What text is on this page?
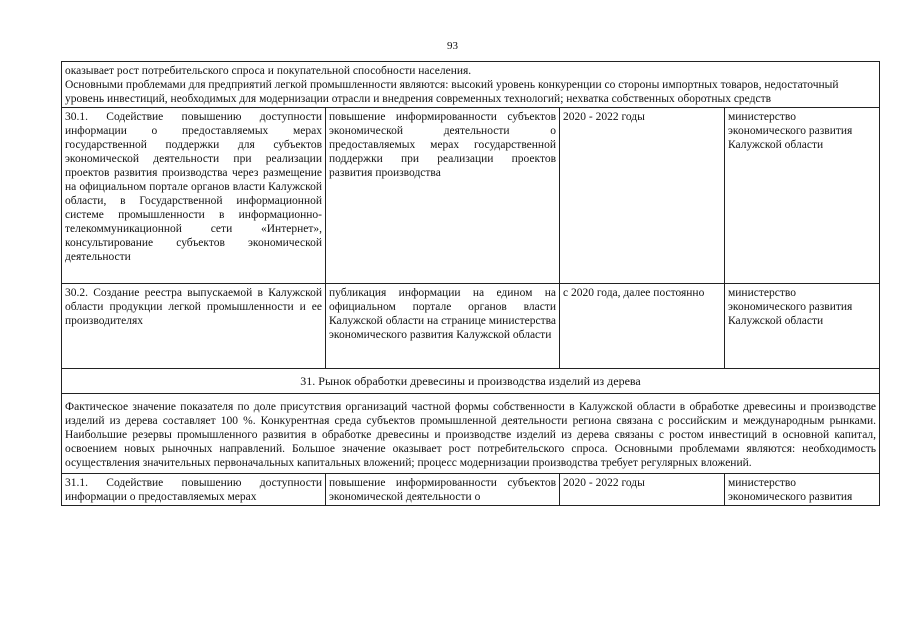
93

оказывает рост потребительского спроса и покупательной способности населения.

Основными проблемами для предприятий легкой промышленности являются: высокий уровень конкуренции со стороны импортных товаров, недостаточный уровень инвестиций, необходимых для модернизации отрасли и внедрения современных технологий; нехватка собственных оборотных средств			

30.1. Содействие повышению доступности информации о предоставляемых мерах государственной поддержки для субъектов экономической деятельности при реализации проектов развития производства через размещение на официальном портале органов власти Калужской области, в Государственной информационной системе промышленности в информационно-телекоммуникационной сети «Интернет», консультирование субъектов экономической деятельности	повышение информированности субъектов экономической деятельности о предоставляемых мерах государственной поддержки при реализации проектов развития производства	2020 - 2022 годы	министерство экономического развития Калужской области
30.2. Создание реестра выпускаемой в Калужской области продукции легкой промышленности и ее производителях	публикация информации на едином на официальном портале органов власти Калужской области на странице министерства экономического развития Калужской области	с 2020 года, далее постоянно	министерство экономического развития Калужской области
31. Рынок обработки древесины и производства изделий из дерева			
Фактическое значение показателя по доле присутствия организаций частной формы собственности в Калужской области в обработке древесины и производстве изделий из дерева составляет 100 %. Конкурентная среда субъектов промышленной деятельности региона связана с российским и международным рынками. Наибольшие резервы промышленного развития в обработке древесины и производстве изделий из дерева связаны с ростом инвестиций в основной капитал, освоением новых рыночных направлений. Большое значение оказывает рост потребительского спроса. Основными проблемами являются: необходимость осуществления значительных первоначальных капитальных вложений; процесс модернизации производства требует регулярных вложений.			
31.1. Содействие повышению доступности информации о предоставляемых мерах	повышение информированности субъектов экономической деятельности о	2020 - 2022 годы	министерство экономического развития
